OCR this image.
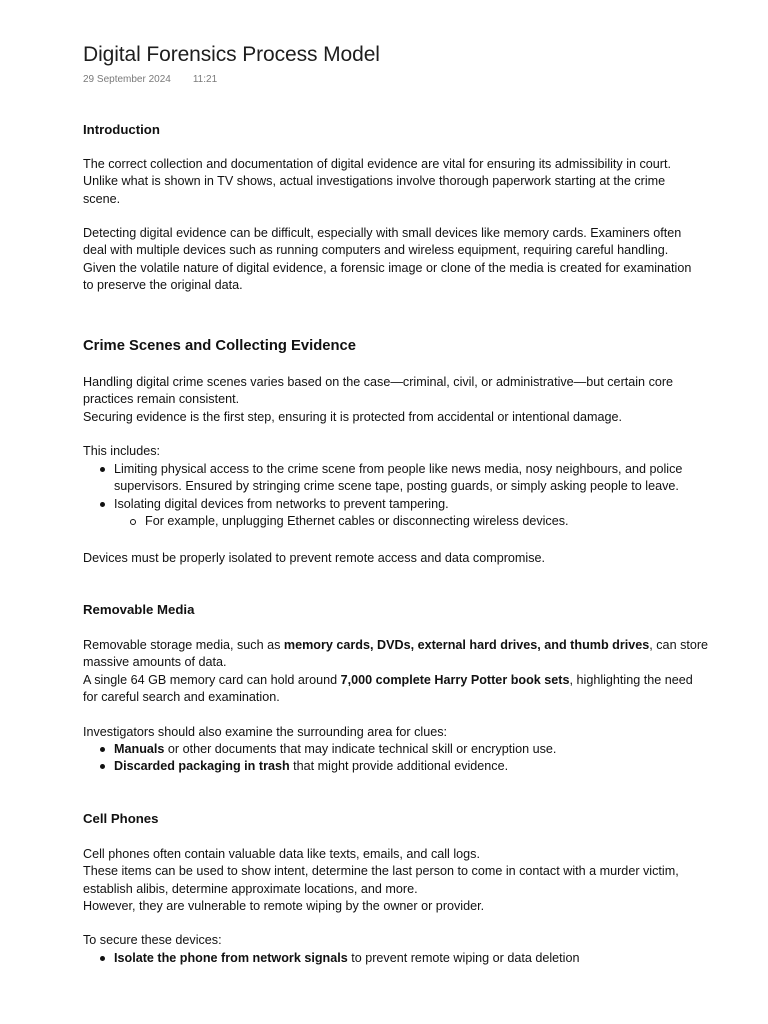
Digital Forensics Process Model
29 September 2024 11:21
Introduction
The correct collection and documentation of digital evidence are vital for ensuring its admissibility in court.
Unlike what is shown in TV shows, actual investigations involve thorough paperwork starting at the crime
scene.
Detecting digital evidence can be difficult, especially with small devices like memory cards. Examiners often
deal with multiple devices such as running computers and wireless equipment, requiring careful handling.
Given the volatile nature of digital evidence, a forensic image or clone of the media is created for examination
to preserve the original data.
Crime Scenes and Collecting Evidence
Handling digital crime scenes varies based on the case—criminal, civil, or administrative—but certain core
practices remain consistent.
Securing evidence is the first step, ensuring it is protected from accidental or intentional damage.
This includes:
Limiting physical access to the crime scene from people like news media, nosy neighbours, and police
supervisors. Ensured by stringing crime scene tape, posting guards, or simply asking people to leave.
Isolating digital devices from networks to prevent tampering.
For example, unplugging Ethernet cables or disconnecting wireless devices.
Devices must be properly isolated to prevent remote access and data compromise.
Removable Media
Removable storage media, such as memory cards, DVDs, external hard drives, and thumb drives, can store
massive amounts of data.
A single 64 GB memory card can hold around 7,000 complete Harry Potter book sets, highlighting the need
for careful search and examination.
Investigators should also examine the surrounding area for clues:
Manuals or other documents that may indicate technical skill or encryption use.
Discarded packaging in trash that might provide additional evidence.
Cell Phones
Cell phones often contain valuable data like texts, emails, and call logs.
These items can be used to show intent, determine the last person to come in contact with a murder victim,
establish alibis, determine approximate locations, and more.
However, they are vulnerable to remote wiping by the owner or provider.
To secure these devices:
Isolate the phone from network signals to prevent remote wiping or data deletion
